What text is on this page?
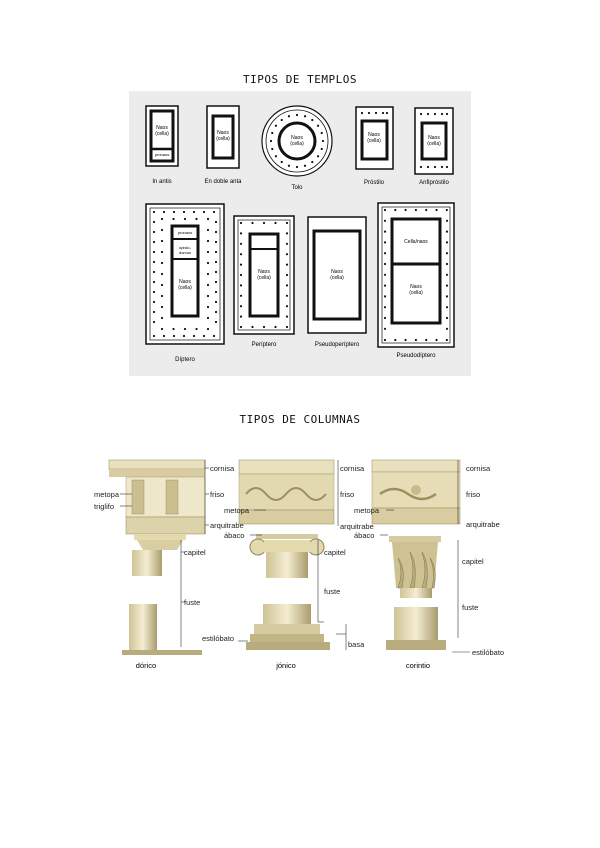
TIPOS DE TEMPLOS
Naos
(cella)
pronaos
In antis
Naos
(cella)
En doble anta
Naos
(cella)
Tolo
Naos
(cella)
Próstilo
Naos
(cella)
Anfipróstilo
pronaos
opistó-
domos
Naos
(cella)
Díptero
Naos
(cella)
Períptero
Naos
(cella)
Pseudoperíptero
Cella/naos
Naos
(cella)
Pseudodíptero
TIPOS DE COLUMNAS
dórico	jónico	corintio
cornisa
friso
arquitrabe
metopa
triglifo
capitel
fuste
estilóbato
cornisa
friso
arquitrabe
metopa
ábaco
capitel
fuste
basa
cornisa
friso
arquitrabe
metopa
ábaco
capitel
fuste
estilóbato
